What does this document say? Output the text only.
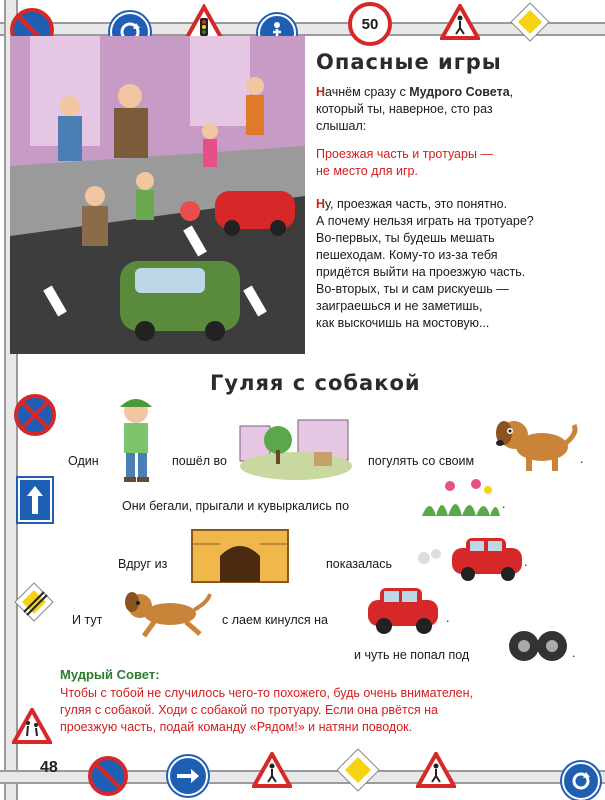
50
Опасные игры
Начнём сразу с Мудрого Совета,
который ты, наверное, сто раз
слышал:
Проезжая часть и тротуары —
не место для игр.
Ну, проезжая часть, это понятно.
А почему нельзя играть на тротуаре?
Во-первых, ты будешь мешать
пешеходам. Кому-то из-за тебя
придётся выйти на проезжую часть.
Во-вторых, ты и сам рискуешь —
заиграешься и не заметишь,
как выскочишь на мостовую...
Гуляя с собакой
Один	пошёл во	погулять со своим	.
Они бегали, прыгали и кувыркались по	.
Вдруг из	показалась	.
И тут	с лаем кинулся на	.
и чуть не попал под	.
Мудрый Совет:
Чтобы с тобой не случилось чего-то похожего, будь очень внимателен,
гуляя с собакой. Ходи с собакой по тротуару. Если она рвётся на
проезжую часть, подай команду «Рядом!» и натяни поводок.
48
